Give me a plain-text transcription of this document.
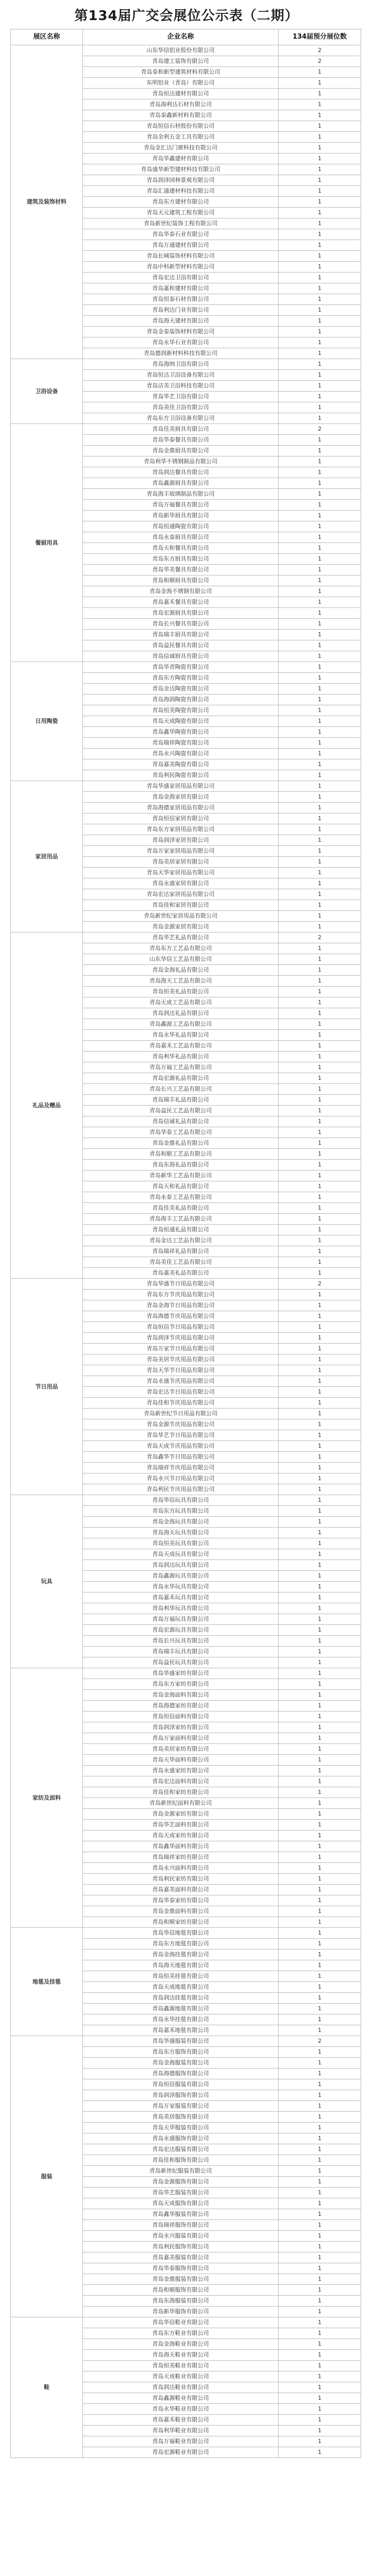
第134届广交会展位公示表（二期）
展区名称	企业名称	134届预分展位数
建筑及装饰材料	山东华信铝业股份有限公司	2
	青岛建工装饰有限公司	2
	青岛泰和新型建筑材料有限公司	1
	东明铝业（青岛）有限公司	1
	青岛恒达建材有限公司	1
	青岛海利达石材有限公司	1
	青岛泰鑫新材料有限公司	1
	青岛恒信石材股份有限公司	1
	青岛金利五金工具有限公司	1
	青岛金汇达门窗科技有限公司	1
	青岛华鑫建材有限公司	1
	青岛盛华新型建材科技有限公司	1
	青岛润泽园林景观有限公司	1
	青岛汇通建材科技有限公司	1
	青岛东方建材有限公司	1
	青岛天元建筑工程有限公司	1
	青岛新世纪装饰工程有限公司	1
	青岛华泰石业有限公司	1
	青岛万通建材有限公司	1
	青岛长城装饰材料有限公司	1
	青岛中科新型材料有限公司	1
	青岛宏达卫浴有限公司	1
	青岛嘉和建材有限公司	1
	青岛恒泰石材有限公司	1
	青岛利达门业有限公司	1
	青岛海天建材有限公司	1
	青岛金泰装饰材料有限公司	1
	青岛永华石业有限公司	1
	青岛德润新材料科技有限公司	1
卫浴设备	青岛海纳卫浴有限公司	1
	青岛恒达卫浴设备有限公司	1
	青岛洁美卫浴科技有限公司	1
	青岛华艺卫浴有限公司	1
	青岛美佳卫浴有限公司	1
	青岛东方卫浴设备有限公司	1
餐厨用具	青岛佳美厨具有限公司	2
	青岛华泰餐具有限公司	1
	青岛金鼎厨具有限公司	1
	青岛利华不锈钢制品有限公司	1
	青岛润达餐具有限公司	1
	青岛鑫源厨具有限公司	1
	青岛海丰玻璃制品有限公司	1
	青岛万福餐具有限公司	1
	青岛新华厨具有限公司	1
	青岛恒通陶瓷有限公司	1
	青岛永泰厨具有限公司	1
	青岛天和餐具有限公司	1
	青岛东方厨具有限公司	1
	青岛华美餐具有限公司	1
	青岛和顺厨具有限公司	1
	青岛金海不锈钢有限公司	1
	青岛嘉禾餐具有限公司	1
	青岛宏源厨具有限公司	1
	青岛长兴餐具有限公司	1
	青岛瑞丰厨具有限公司	1
	青岛益民餐具有限公司	1
	青岛信诚厨具有限公司	1
日用陶瓷	青岛华青陶瓷有限公司	1
	青岛东方陶瓷有限公司	1
	青岛金达陶瓷有限公司	1
	青岛海润陶瓷有限公司	1
	青岛恒美陶瓷有限公司	1
	青岛天成陶瓷有限公司	1
	青岛鑫华陶瓷有限公司	1
	青岛瑞祥陶瓷有限公司	1
	青岛永兴陶瓷有限公司	1
	青岛嘉美陶瓷有限公司	1
	青岛利民陶瓷有限公司	1
家居用品	青岛华盛家居用品有限公司	1
	青岛金海家居有限公司	1
	青岛海德家居用品有限公司	1
	青岛恒信家居有限公司	1
	青岛东方家居用品有限公司	1
	青岛润泽家居有限公司	1
	青岛万家家居用品有限公司	1
	青岛美居家居有限公司	1
	青岛天华家居用品有限公司	1
	青岛永盛家居有限公司	1
	青岛宏达家居用品有限公司	1
	青岛佳和家居有限公司	1
	青岛新世纪家居用品有限公司	1
	青岛金源家居有限公司	1
礼品及赠品	青岛华艺礼品有限公司	2
	青岛东方工艺品有限公司	1
	山东华信工艺品有限公司	1
	青岛金海礼品有限公司	1
	青岛海天工艺品有限公司	1
	青岛恒美礼品有限公司	1
	青岛天成工艺品有限公司	1
	青岛润达礼品有限公司	1
	青岛鑫源工艺品有限公司	1
	青岛永华礼品有限公司	1
	青岛嘉禾工艺品有限公司	1
	青岛利华礼品有限公司	1
	青岛万福工艺品有限公司	1
	青岛宏源礼品有限公司	1
	青岛长兴工艺品有限公司	1
	青岛瑞丰礼品有限公司	1
	青岛益民工艺品有限公司	1
	青岛信诚礼品有限公司	1
	青岛华泰工艺品有限公司	1
	青岛金鼎礼品有限公司	1
	青岛和顺工艺品有限公司	1
	青岛东海礼品有限公司	1
	青岛新华工艺品有限公司	1
	青岛天和礼品有限公司	1
	青岛永泰工艺品有限公司	1
	青岛佳美礼品有限公司	1
	青岛海丰工艺品有限公司	1
	青岛恒通礼品有限公司	1
	青岛金达工艺品有限公司	1
	青岛瑞祥礼品有限公司	1
	青岛美佳工艺品有限公司	1
	青岛嘉美礼品有限公司	1
节日用品	青岛华盛节日用品有限公司	2
	青岛东方节庆用品有限公司	1
	青岛金海节日用品有限公司	1
	青岛海德节庆用品有限公司	1
	青岛恒信节日用品有限公司	1
	青岛润泽节庆用品有限公司	1
	青岛万家节日用品有限公司	1
	青岛美居节庆用品有限公司	1
	青岛天华节日用品有限公司	1
	青岛永盛节庆用品有限公司	1
	青岛宏达节日用品有限公司	1
	青岛佳和节庆用品有限公司	1
	青岛新世纪节日用品有限公司	1
	青岛金源节庆用品有限公司	1
	青岛华艺节日用品有限公司	1
	青岛天成节庆用品有限公司	1
	青岛鑫华节日用品有限公司	1
	青岛瑞祥节庆用品有限公司	1
	青岛永兴节日用品有限公司	1
	青岛利民节庆用品有限公司	1
玩具	青岛华信玩具有限公司	1
	青岛东方玩具有限公司	1
	青岛金海玩具有限公司	1
	青岛海天玩具有限公司	1
	青岛恒美玩具有限公司	1
	青岛天成玩具有限公司	1
	青岛润达玩具有限公司	1
	青岛鑫源玩具有限公司	1
	青岛永华玩具有限公司	1
	青岛嘉禾玩具有限公司	1
	青岛利华玩具有限公司	1
	青岛万福玩具有限公司	1
	青岛宏源玩具有限公司	1
	青岛长兴玩具有限公司	1
	青岛瑞丰玩具有限公司	1
	青岛益民玩具有限公司	1
家纺及面料	青岛华盛家纺有限公司	1
	青岛东方家纺有限公司	1
	青岛金海面料有限公司	1
	青岛海德家纺有限公司	1
	青岛恒信面料有限公司	1
	青岛润泽家纺有限公司	1
	青岛万家面料有限公司	1
	青岛美居家纺有限公司	1
	青岛天华面料有限公司	1
	青岛永盛家纺有限公司	1
	青岛宏达面料有限公司	1
	青岛佳和家纺有限公司	1
	青岛新世纪面料有限公司	1
	青岛金源家纺有限公司	1
	青岛华艺面料有限公司	1
	青岛天成家纺有限公司	1
	青岛鑫华面料有限公司	1
	青岛瑞祥家纺有限公司	1
	青岛永兴面料有限公司	1
	青岛利民家纺有限公司	1
	青岛嘉美面料有限公司	1
	青岛华泰家纺有限公司	1
	青岛金鼎面料有限公司	1
	青岛和顺家纺有限公司	1
地毯及挂毯	青岛华信地毯有限公司	1
	青岛东方地毯有限公司	1
	青岛金海挂毯有限公司	1
	青岛海天地毯有限公司	1
	青岛恒美挂毯有限公司	1
	青岛天成地毯有限公司	1
	青岛润达挂毯有限公司	1
	青岛鑫源地毯有限公司	1
	青岛永华挂毯有限公司	1
	青岛嘉禾地毯有限公司	1
服装	青岛华盛服装有限公司	2
	青岛东方服饰有限公司	1
	青岛金海服装有限公司	1
	青岛海德服饰有限公司	1
	青岛恒信服装有限公司	1
	青岛润泽服饰有限公司	1
	青岛万家服装有限公司	1
	青岛美居服饰有限公司	1
	青岛天华服装有限公司	1
	青岛永盛服饰有限公司	1
	青岛宏达服装有限公司	1
	青岛佳和服饰有限公司	1
	青岛新世纪服装有限公司	1
	青岛金源服饰有限公司	1
	青岛华艺服装有限公司	1
	青岛天成服饰有限公司	1
	青岛鑫华服装有限公司	1
	青岛瑞祥服饰有限公司	1
	青岛永兴服装有限公司	1
	青岛利民服饰有限公司	1
	青岛嘉美服装有限公司	1
	青岛华泰服饰有限公司	1
	青岛金鼎服装有限公司	1
	青岛和顺服饰有限公司	1
	青岛东海服装有限公司	1
	青岛新华服饰有限公司	1
鞋	青岛华信鞋业有限公司	1
	青岛东方鞋业有限公司	1
	青岛金海鞋业有限公司	1
	青岛海天鞋业有限公司	1
	青岛恒美鞋业有限公司	1
	青岛天成鞋业有限公司	1
	青岛润达鞋业有限公司	1
	青岛鑫源鞋业有限公司	1
	青岛永华鞋业有限公司	1
	青岛嘉禾鞋业有限公司	1
	青岛利华鞋业有限公司	1
	青岛万福鞋业有限公司	1
	青岛宏源鞋业有限公司	1
